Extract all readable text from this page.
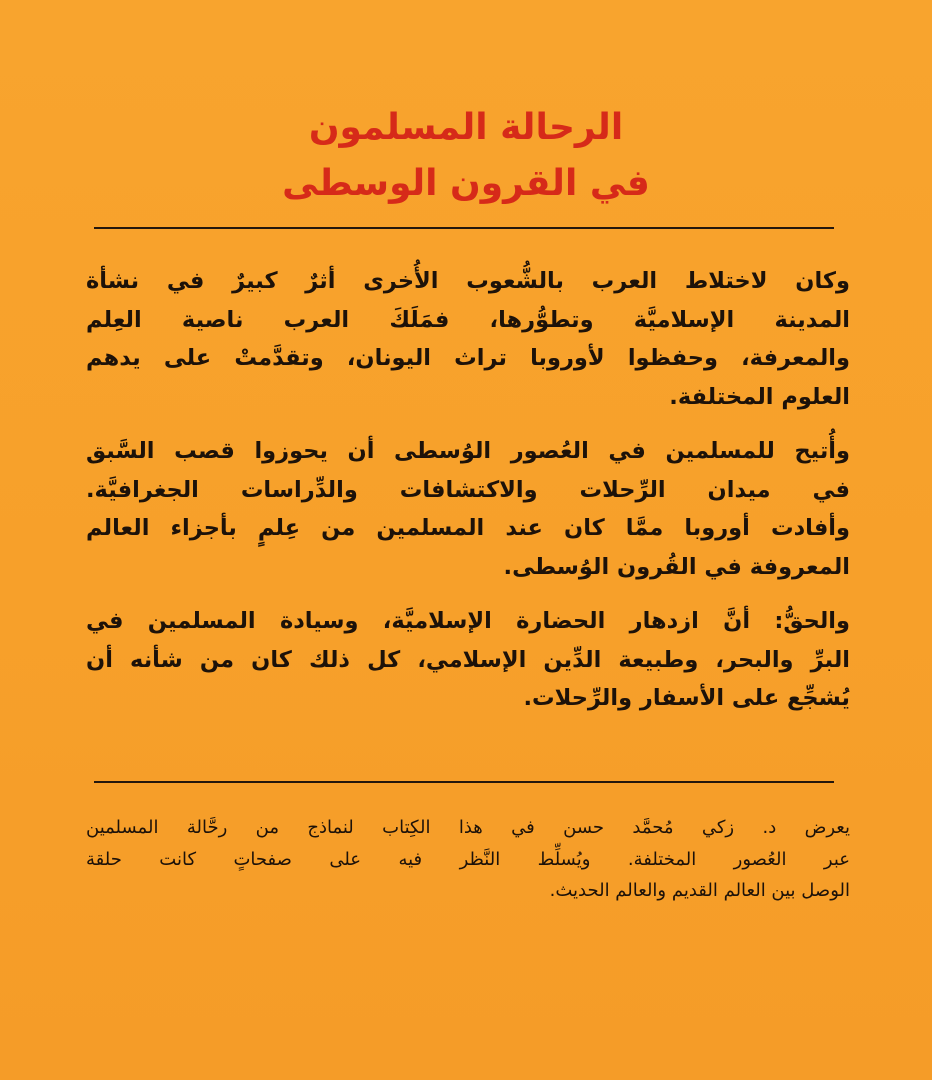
الرحالة المسلمون
في القرون الوسطى

وكان لاختلاط العرب بالشُّعوب الأُخرى أثرٌ كبيرٌ في نشأة
المدينة الإسلاميَّة وتطوُّرها، فمَلَكَ العرب ناصية العِلم
والمعرفة، وحفظوا لأوروبا تراث اليونان، وتقدَّمتْ على يدهم
العلوم المختلفة.

وأُتيح للمسلمين في العُصور الوُسطى أن يحوزوا قصب السَّبق
في ميدان الرِّحلات والاكتشافات والدِّراسات الجغرافيَّة.
وأفادت أوروبا ممَّا كان عند المسلمين من عِلمٍ بأجزاء العالم
المعروفة في القُرون الوُسطى.

والحقُّ: أنَّ ازدهار الحضارة الإسلاميَّة، وسيادة المسلمين في
البرِّ والبحر، وطبيعة الدِّين الإسلامي، كل ذلك كان من شأنه أن
يُشجِّع على الأسفار والرِّحلات.

يعرض د. زكي مُحمَّد حسن في هذا الكِتاب لنماذج من رحَّالة المسلمين
عبر العُصور المختلفة. ويُسلِّط النَّظر فيه على صفحاتٍ كانت حلقة
الوصل بين العالم القديم والعالم الحديث.
